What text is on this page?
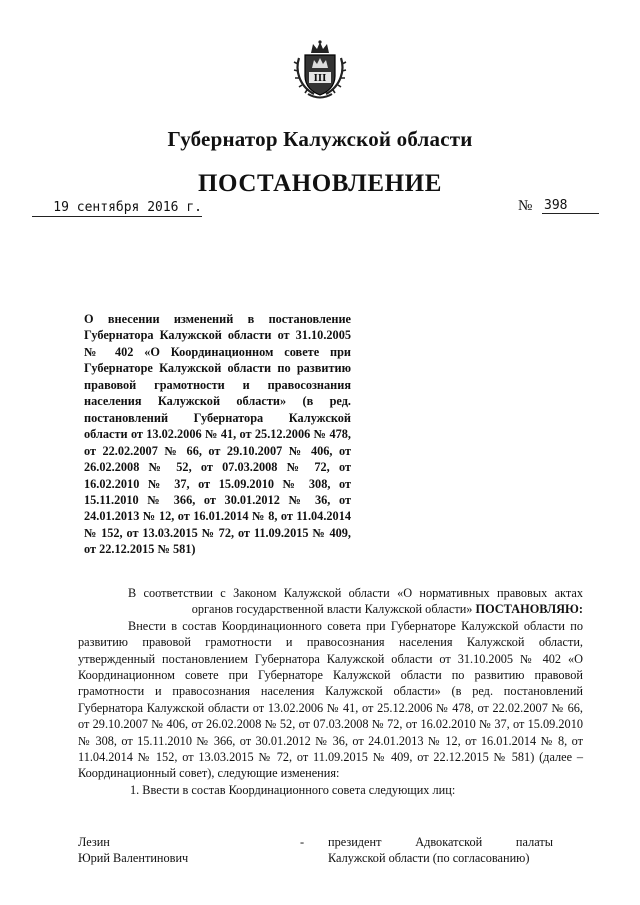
III
Губернатор Калужской области
ПОСТАНОВЛЕНИЕ
19 сентября 2016 г.	№ 398
О внесении изменений в постановление Губернатора Калужской области от 31.10.2005 № 402 «О Координационном совете при Губернаторе Калужской области по развитию правовой грамотности и правосознания населения Калужской области» (в ред. постановлений Губернатора Калужской области от 13.02.2006 № 41, от 25.12.2006 № 478, от 22.02.2007 № 66, от 29.10.2007 № 406, от 26.02.2008 № 52, от 07.03.2008 № 72, от 16.02.2010 № 37, от 15.09.2010 № 308, от 15.11.2010 № 366, от 30.01.2012 № 36, от 24.01.2013 № 12, от 16.01.2014 № 8, от 11.04.2014 № 152, от 13.03.2015 № 72, от 11.09.2015 № 409, от 22.12.2015 № 581)

В соответствии с Законом Калужской области «О нормативных правовых актах органов государственной власти Калужской области» ПОСТАНОВЛЯЮ:

Внести в состав Координационного совета при Губернаторе Калужской области по развитию правовой грамотности и правосознания населения Калужской области, утвержденный постановлением Губернатора Калужской области от 31.10.2005 № 402 «О Координационном совете при Губернаторе Калужской области по развитию правовой грамотности и правосознания населения Калужской области» (в ред. постановлений Губернатора Калужской области от 13.02.2006 № 41, от 25.12.2006 № 478, от 22.02.2007 № 66, от 29.10.2007 № 406, от 26.02.2008 № 52, от 07.03.2008 № 72, от 16.02.2010 № 37, от 15.09.2010 № 308, от 15.11.2010 № 366, от 30.01.2012 № 36, от 24.01.2013 № 12, от 16.01.2014 № 8, от 11.04.2014 № 152, от 13.03.2015 № 72, от 11.09.2015 № 409, от 22.12.2015 № 581) (далее – Координационный совет), следующие изменения:

1. Ввести в состав Координационного совета следующих лиц:

Лезин
Юрий Валентинович
- президент Адвокатской палаты
Калужской области (по согласованию)
